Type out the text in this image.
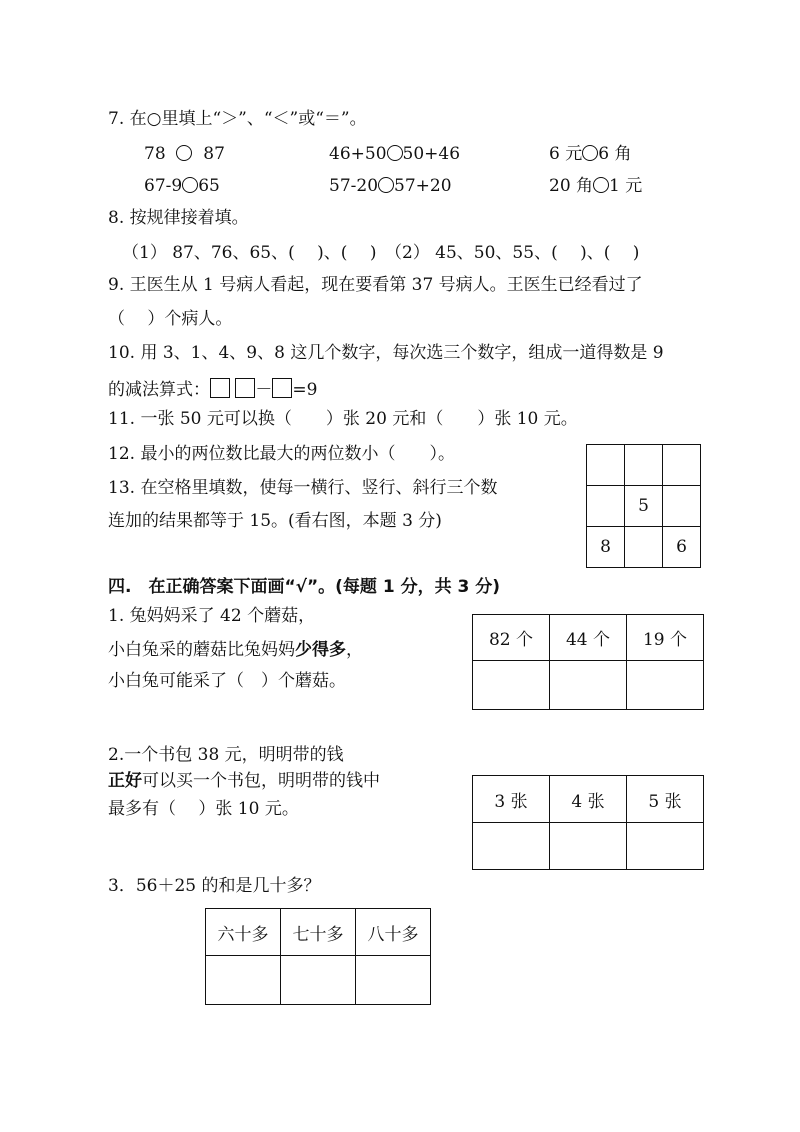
7. 在○里填上“＞”、“＜”或“＝”。
78 87	46+50 50+46	6 元 6 角
67-9 65	57-20 57+20	20 角 1 元
8. 按规律接着填。
（1） 87、76、65、(　 )、(　 )　（2） 45、50、55、(　 )、(　 )
9. 王医生从 1 号病人看起，现在要看第 37 号病人。王医生已经看过了
（　 ）个病人。
10. 用 3、1、4、9、8 这几个数字，每次选三个数字，组成一道得数是 9
的减法算式：	－ =9
11. 一张 50 元可以换（　　）张 20 元和（　　）张 10 元。
12. 最小的两位数比最大的两位数小（　　）。
13. 在空格里填数，使每一横行、竖行、斜行三个数
连加的结果都等于 15。(看右图，本题 3 分)

	5	
8		6
四.　在正确答案下面画“√”。(每题 1 分，共 3 分)
1. 兔妈妈采了 42 个蘑菇，
小白兔采的蘑菇比兔妈妈少得多，
小白兔可能采了（　）个蘑菇。
82 个	44 个	19 个

2.一个书包 38 元，明明带的钱
正好可以买一个书包，明明带的钱中
最多有（　 ）张 10 元。	3 张	4 张	5 张

3．56＋25 的和是几十多？
六十多	七十多	八十多
